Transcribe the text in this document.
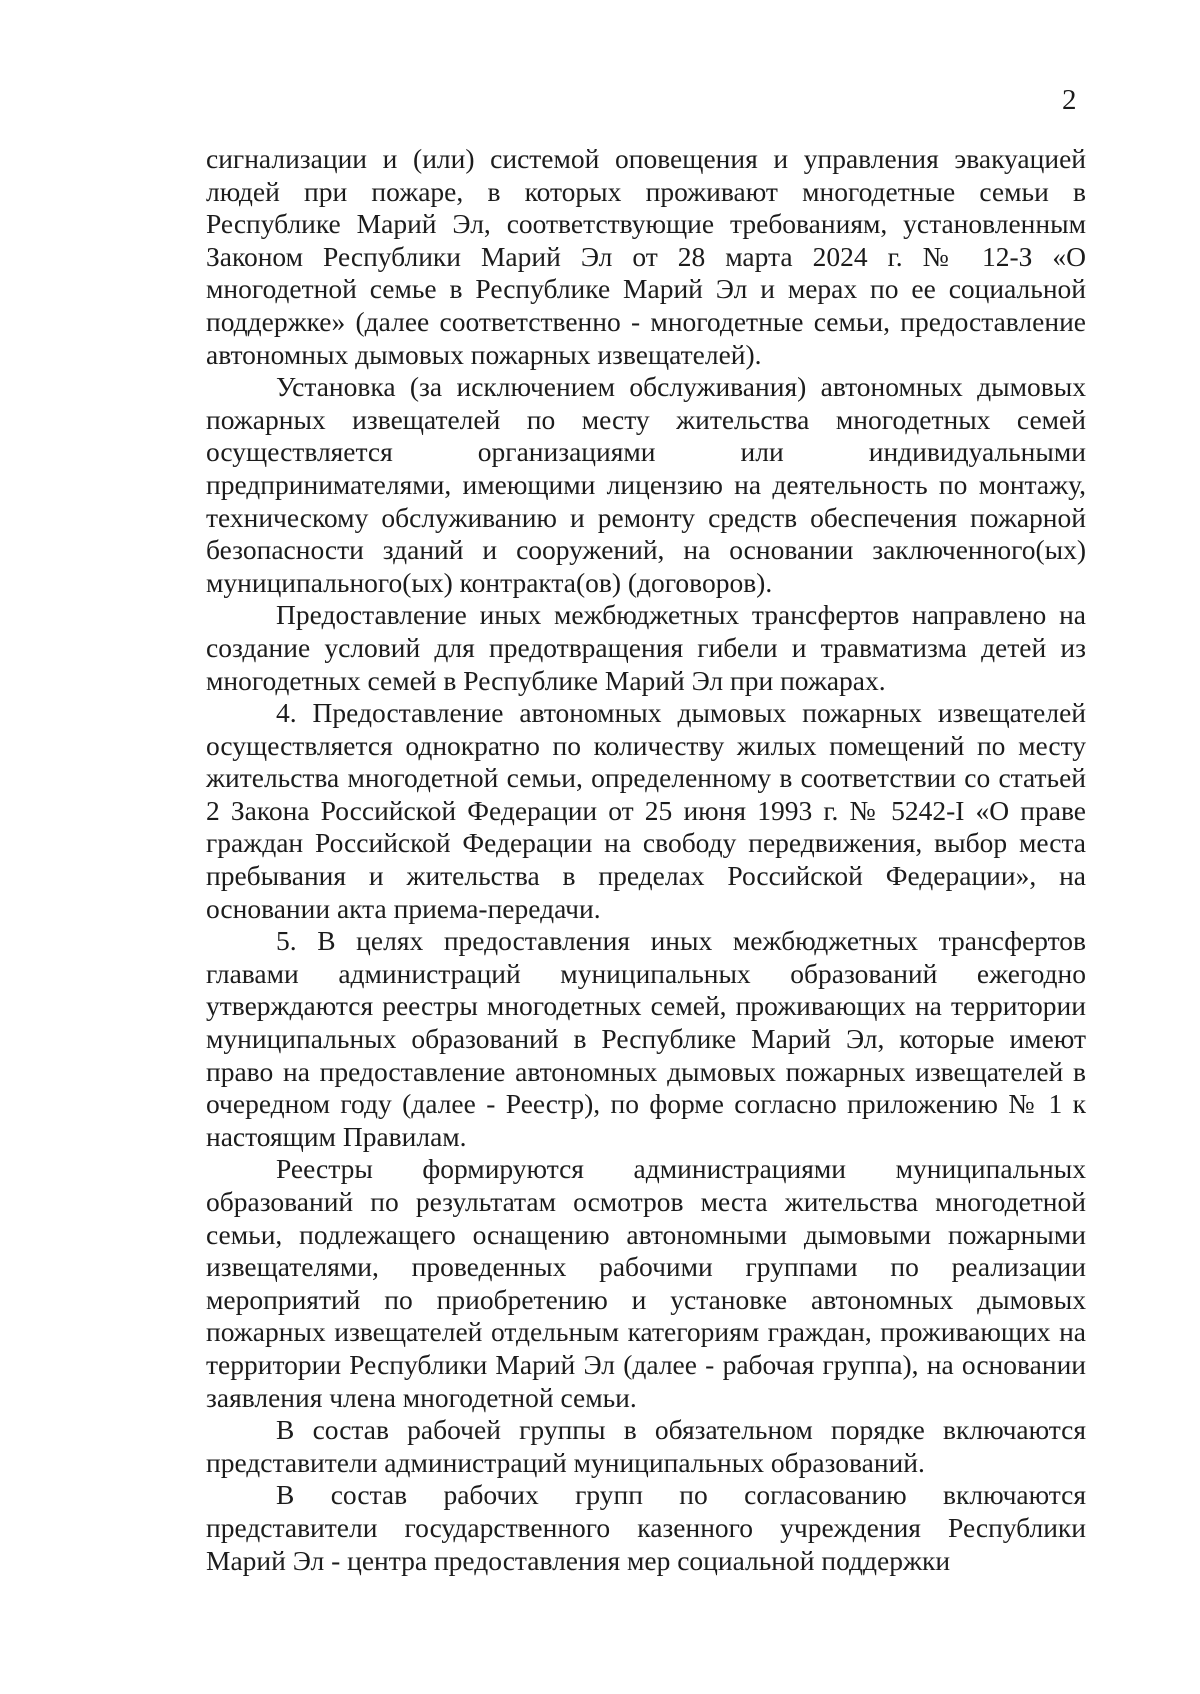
2

сигнализации и (или) системой оповещения и управления эвакуацией людей при пожаре, в которых проживают многодетные семьи в Республике Марий Эл, соответствующие требованиям, установленным Законом Республики Марий Эл от 28 марта 2024 г. № 12-З «О многодетной семье в Республике Марий Эл и мерах по ее социальной поддержке» (далее соответственно - многодетные семьи, предоставление автономных дымовых пожарных извещателей).

Установка (за исключением обслуживания) автономных дымовых пожарных извещателей по месту жительства многодетных семей осуществляется организациями или индивидуальными предпринимателями, имеющими лицензию на деятельность по монтажу, техническому обслуживанию и ремонту средств обеспечения пожарной безопасности зданий и сооружений, на основании заключенного(ых) муниципального(ых) контракта(ов) (договоров).

Предоставление иных межбюджетных трансфертов направлено на создание условий для предотвращения гибели и травматизма детей из многодетных семей в Республике Марий Эл при пожарах.

4. Предоставление автономных дымовых пожарных извещателей осуществляется однократно по количеству жилых помещений по месту жительства многодетной семьи, определенному в соответствии со статьей 2 Закона Российской Федерации от 25 июня 1993 г. № 5242-I «О праве граждан Российской Федерации на свободу передвижения, выбор места пребывания и жительства в пределах Российской Федерации», на основании акта приема-передачи.

5. В целях предоставления иных межбюджетных трансфертов главами администраций муниципальных образований ежегодно утверждаются реестры многодетных семей, проживающих на территории муниципальных образований в Республике Марий Эл, которые имеют право на предоставление автономных дымовых пожарных извещателей в очередном году (далее - Реестр), по форме согласно приложению № 1 к настоящим Правилам.

Реестры формируются администрациями муниципальных образований по результатам осмотров места жительства многодетной семьи, подлежащего оснащению автономными дымовыми пожарными извещателями, проведенных рабочими группами по реализации мероприятий по приобретению и установке автономных дымовых пожарных извещателей отдельным категориям граждан, проживающих на территории Республики Марий Эл (далее - рабочая группа), на основании заявления члена многодетной семьи.

В состав рабочей группы в обязательном порядке включаются представители администраций муниципальных образований.

В состав рабочих групп по согласованию включаются представители государственного казенного учреждения Республики Марий Эл - центра предоставления мер социальной поддержки
